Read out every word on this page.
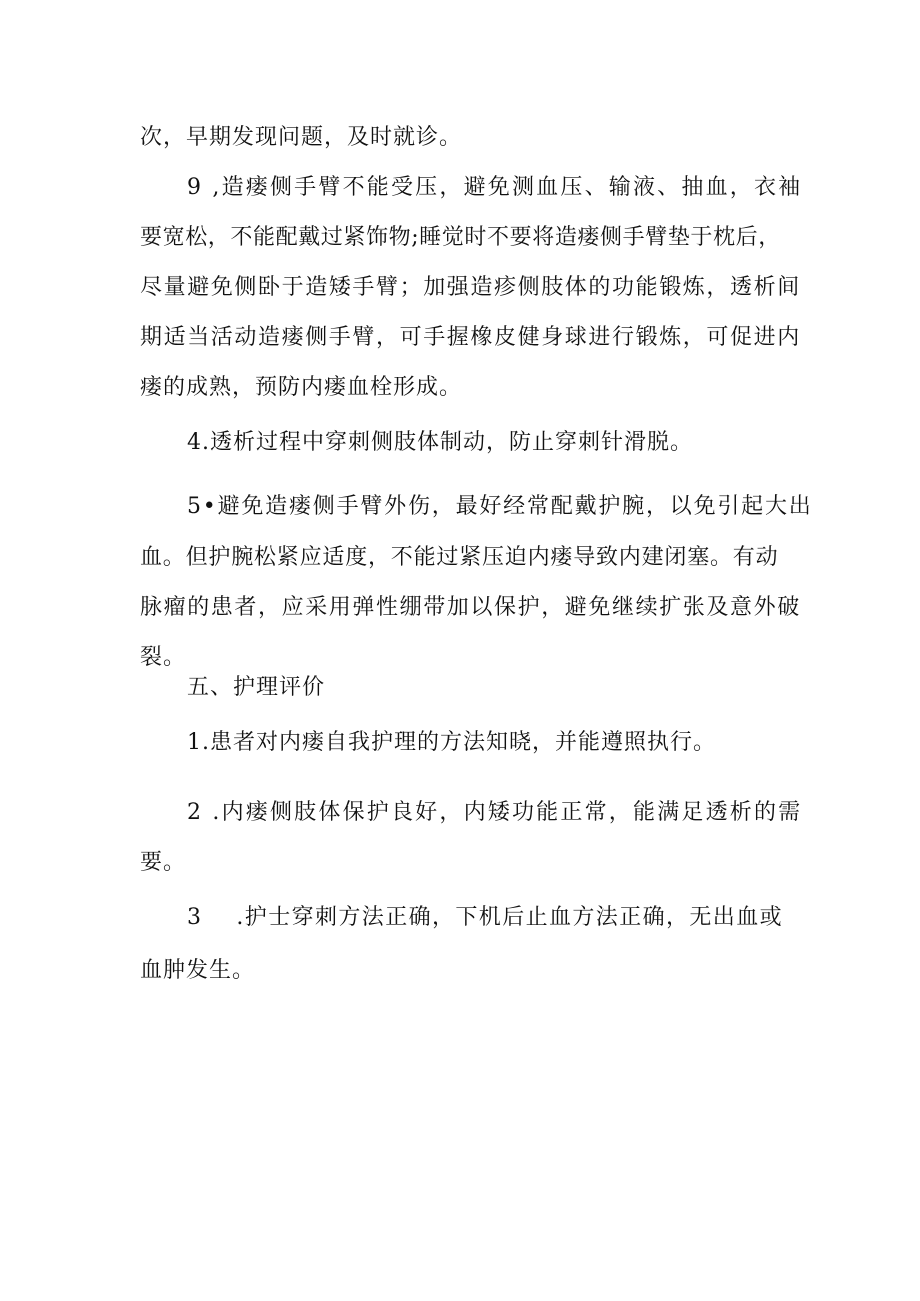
次，早期发现问题，及时就诊。
9 ,造瘘侧手臂不能受压，避免测血压、输液、抽血，衣袖
要宽松，不能配戴过紧饰物;睡觉时不要将造瘘侧手臂垫于枕后，
尽量避免侧卧于造矮手臂；加强造疹侧肢体的功能锻炼，透析间
期适当活动造瘘侧手臂，可手握橡皮健身球进行锻炼，可促进内
瘘的成熟，预防内瘘血栓形成。
4.透析过程中穿刺侧肢体制动，防止穿刺针滑脱。
5•避免造瘘侧手臂外伤，最好经常配戴护腕，以免引起大出
血。但护腕松紧应适度，不能过紧压迫内瘘导致内建闭塞。有动
脉瘤的患者，应采用弹性绷带加以保护，避免继续扩张及意外破
裂。
五、护理评价
1.患者对内瘘自我护理的方法知晓，并能遵照执行。
2 .内瘘侧肢体保护良好，内矮功能正常，能满足透析的需
要。
3 .护士穿刺方法正确，下机后止血方法正确，无出血或
血肿发生。
